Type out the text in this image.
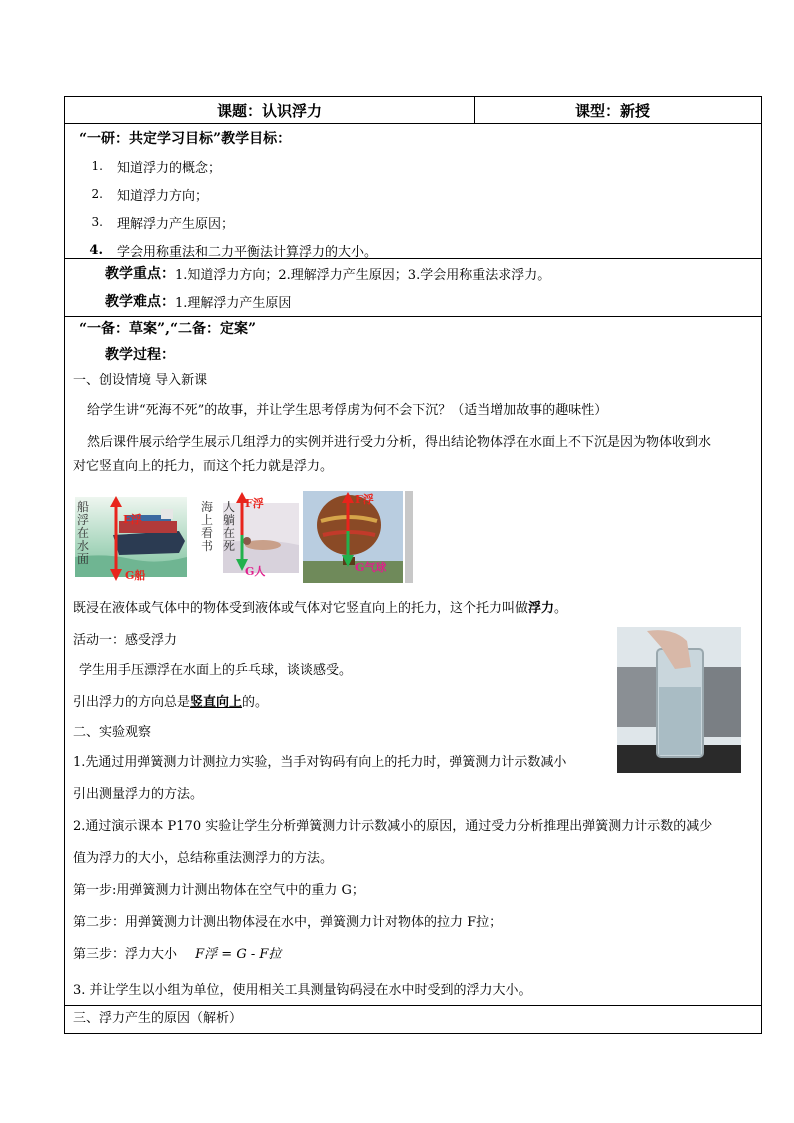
课题：认识浮力	课型：新授
“一研：共定学习目标”教学目标：
1.	知道浮力的概念；
2.	知道浮力方向；
3.	理解浮力产生原因；
4.	学会用称重法和二力平衡法计算浮力的大小。
教学重点： 1.知道浮力方向；2.理解浮力产生原因；3.学会用称重法求浮力。
教学难点： 1.理解浮力产生原因
“一备：草案”,“二备：定案”
教学过程：
一、创设情境 导入新课
给学生讲“死海不死”的故事，并让学生思考俘虏为何不会下沉？（适当增加故事的趣味性）
然后课件展示给学生展示几组浮力的实例并进行受力分析，得出结论物体浮在水面上不下沉是因为物体收到水
对它竖直向上的托力，而这个托力就是浮力。
船浮在水面
F浮
G船
海上看书
人躺在死
F浮
G人
F浮
G气球
既浸在液体或气体中的物体受到液体或气体对它竖直向上的托力，这个托力叫做浮力。
活动一：感受浮力
学生用手压漂浮在水面上的乒乓球，谈谈感受。
引出浮力的方向总是竖直向上的。
二、实验观察
1.先通过用弹簧测力计测拉力实验，当手对钩码有向上的托力时，弹簧测力计示数减小
引出测量浮力的方法。
2.通过演示课本 P170 实验让学生分析弹簧测力计示数减小的原因，通过受力分析推理出弹簧测力计示数的减少
值为浮力的大小，总结称重法测浮力的方法。
第一步:用弹簧测力计测出物体在空气中的重力 G；
第二步：用弹簧测力计测出物体浸在水中，弹簧测力计对物体的拉力 F拉；
第三步：浮力大小 F浮 = G - F拉
3. 并让学生以小组为单位，使用相关工具测量钩码浸在水中时受到的浮力大小。
三、浮力产生的原因（解析）
